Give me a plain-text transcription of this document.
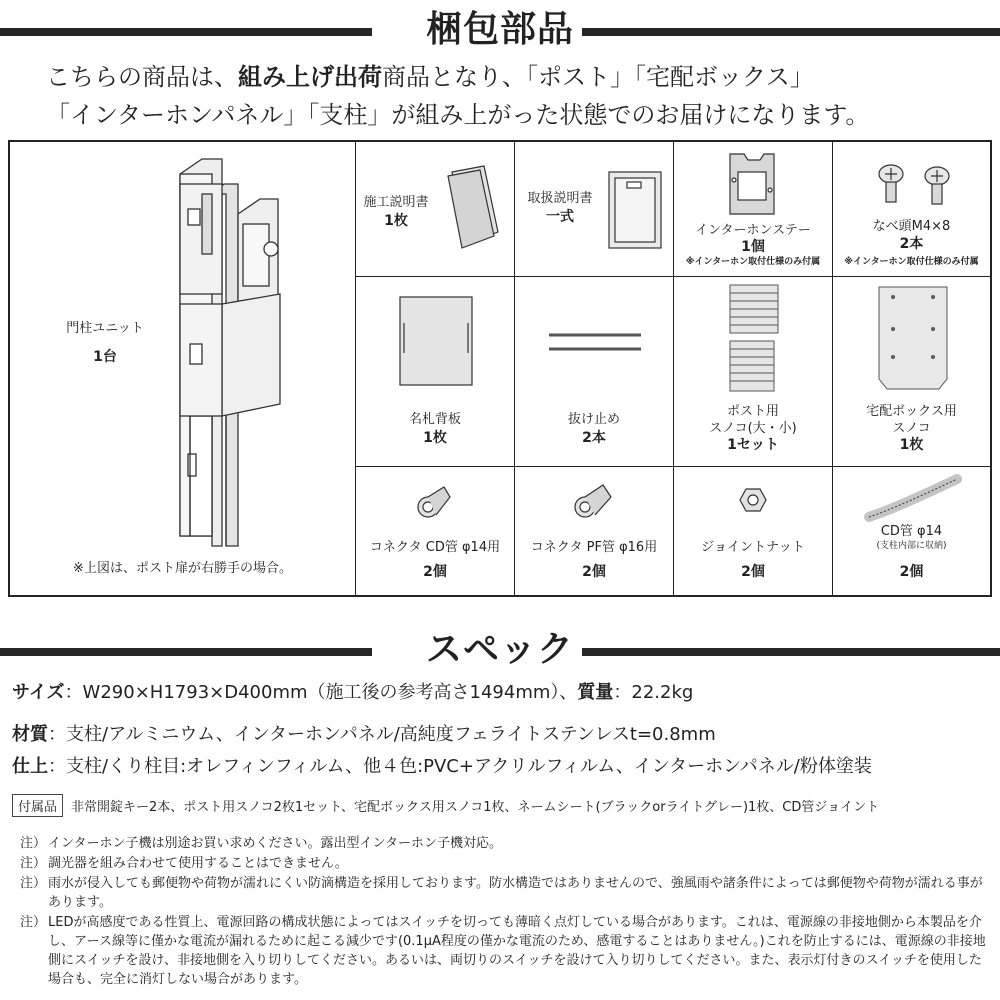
梱包部品
こちらの商品は、組み上げ出荷商品となり、「ポスト」「宅配ボックス」
「インターホンパネル」「支柱」が組み上がった状態でのお届けになります。
門柱ユニット
1台
※上図は、ポスト扉が右勝手の場合。
施工説明書
1枚
取扱説明書
一式
インターホンステー
1個
※インターホン取付仕様のみ付属
なべ頭M4×8
2本
※インターホン取付仕様のみ付属
名札背板
1枚
抜け止め
2本
ポスト用
スノコ(大・小)
1セット
宅配ボックス用
スノコ
1枚
コネクタ CD管 φ14用
2個
コネクタ PF管 φ16用
2個
ジョイントナット
2個
CD管 φ14
(支柱内部に収納)
2個
スペック
サイズ：W290×H1793×D400mm（施工後の参考高さ1494mm）、質量：22.2kg
材質：支柱/アルミニウム、インターホンパネル/高純度フェライトステンレスt=0.8mm
仕上：支柱/くり柱目:オレフィンフィルム、他４色:PVC+アクリルフィルム、インターホンパネル/粉体塗装
付属品 非常開錠キー2本、ポスト用スノコ2枚1セット、宅配ボックス用スノコ1枚、ネームシート(ブラックorライトグレー)1枚、CD管ジョイント
注） インターホン子機は別途お買い求めください。露出型インターホン子機対応。
注） 調光器を組み合わせて使用することはできません。
注） 雨水が侵入しても郵便物や荷物が濡れにくい防滴構造を採用しております。防水構造ではありませんので、強風雨や諸条件によっては郵便物や荷物が濡れる事があります。
注） LEDが高感度である性質上、電源回路の構成状態によってはスイッチを切っても薄暗く点灯している場合があります。これは、電源線の非接地側から本製品を介し、アース線等に僅かな電流が漏れるために起こる減少です(0.1μA程度の僅かな電流のため、感電することはありません。)これを防止するには、電源線の非接地側にスイッチを設け、非接地側を入り切りしてください。あるいは、両切りのスイッチを設けて入り切りしてください。また、表示灯付きのスイッチを使用した場合も、完全に消灯しない場合があります。
